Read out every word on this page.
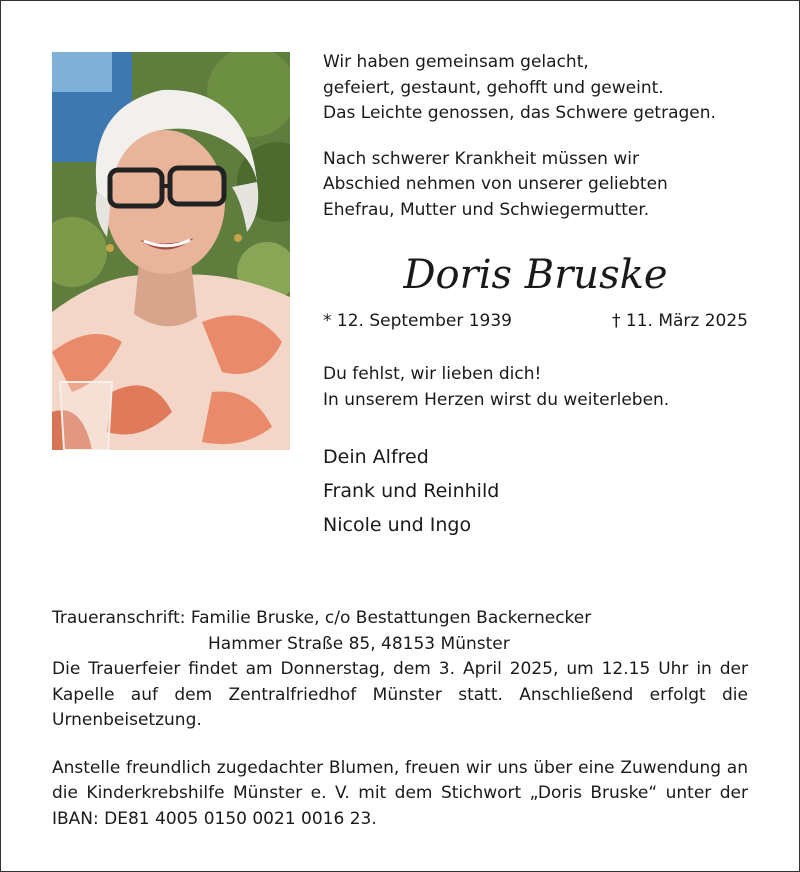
Wir haben gemeinsam gelacht,

gefeiert, gestaunt, gehofft und geweint.

Das Leichte genossen, das Schwere getragen.

Nach schwerer Krankheit müssen wir

Abschied nehmen von unserer geliebten

Ehefrau, Mutter und Schwiegermutter.

Doris Bruske
* 12. September 1939	† 11. März 2025

Du fehlst, wir lieben dich!

In unserem Herzen wirst du weiterleben.

Dein Alfred

Frank und Reinhild

Nicole und Ingo

Traueranschrift: Familie Bruske, c/o Bestattungen Backernecker

Hammer Straße 85, 48153 Münster

Die Trauerfeier findet am Donnerstag, dem 3. April 2025, um 12.15 Uhr in der Kapelle auf dem Zentralfriedhof Münster statt. Anschließend erfolgt die Urnenbeisetzung.

Anstelle freundlich zugedachter Blumen, freuen wir uns über eine Zuwendung an die Kinderkrebshilfe Münster e. V. mit dem Stichwort „Doris Bruske“ unter der IBAN: DE81 4005 0150 0021 0016 23.
